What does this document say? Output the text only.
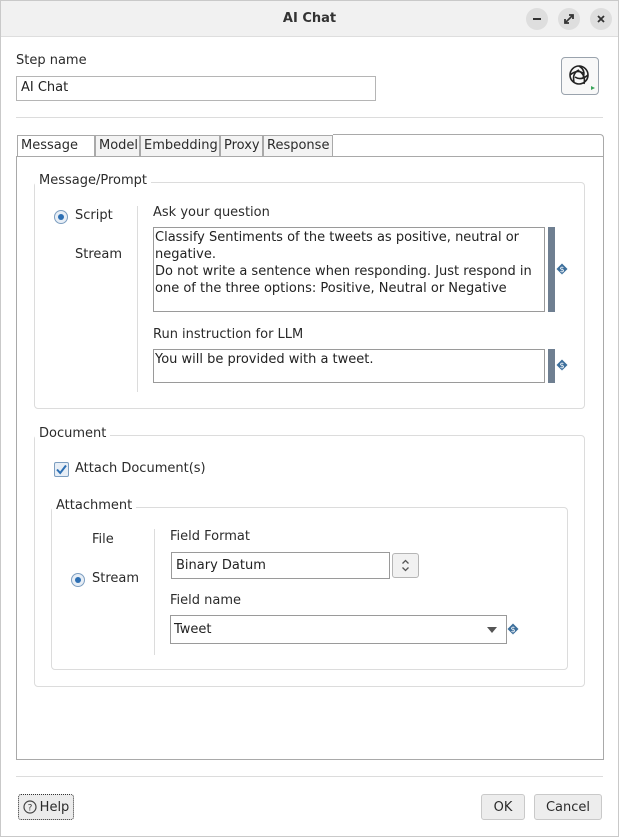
AI Chat
Step name
AI Chat
Message	Model Embedding Proxy Response
Message/Prompt
Script
Stream
Ask your question
Classify Sentiments of the tweets as positive, neutral or
negative.
Do not write a sentence when responding. Just respond in
one of the three options: Positive, Neutral or Negative
$
Run instruction for LLM
You will be provided with a tweet.	$
Document
Attach Document(s)
Attachment
File
Stream
Field Format
Binary Datum
Field name
Tweet	$
? Help	OK	Cancel
